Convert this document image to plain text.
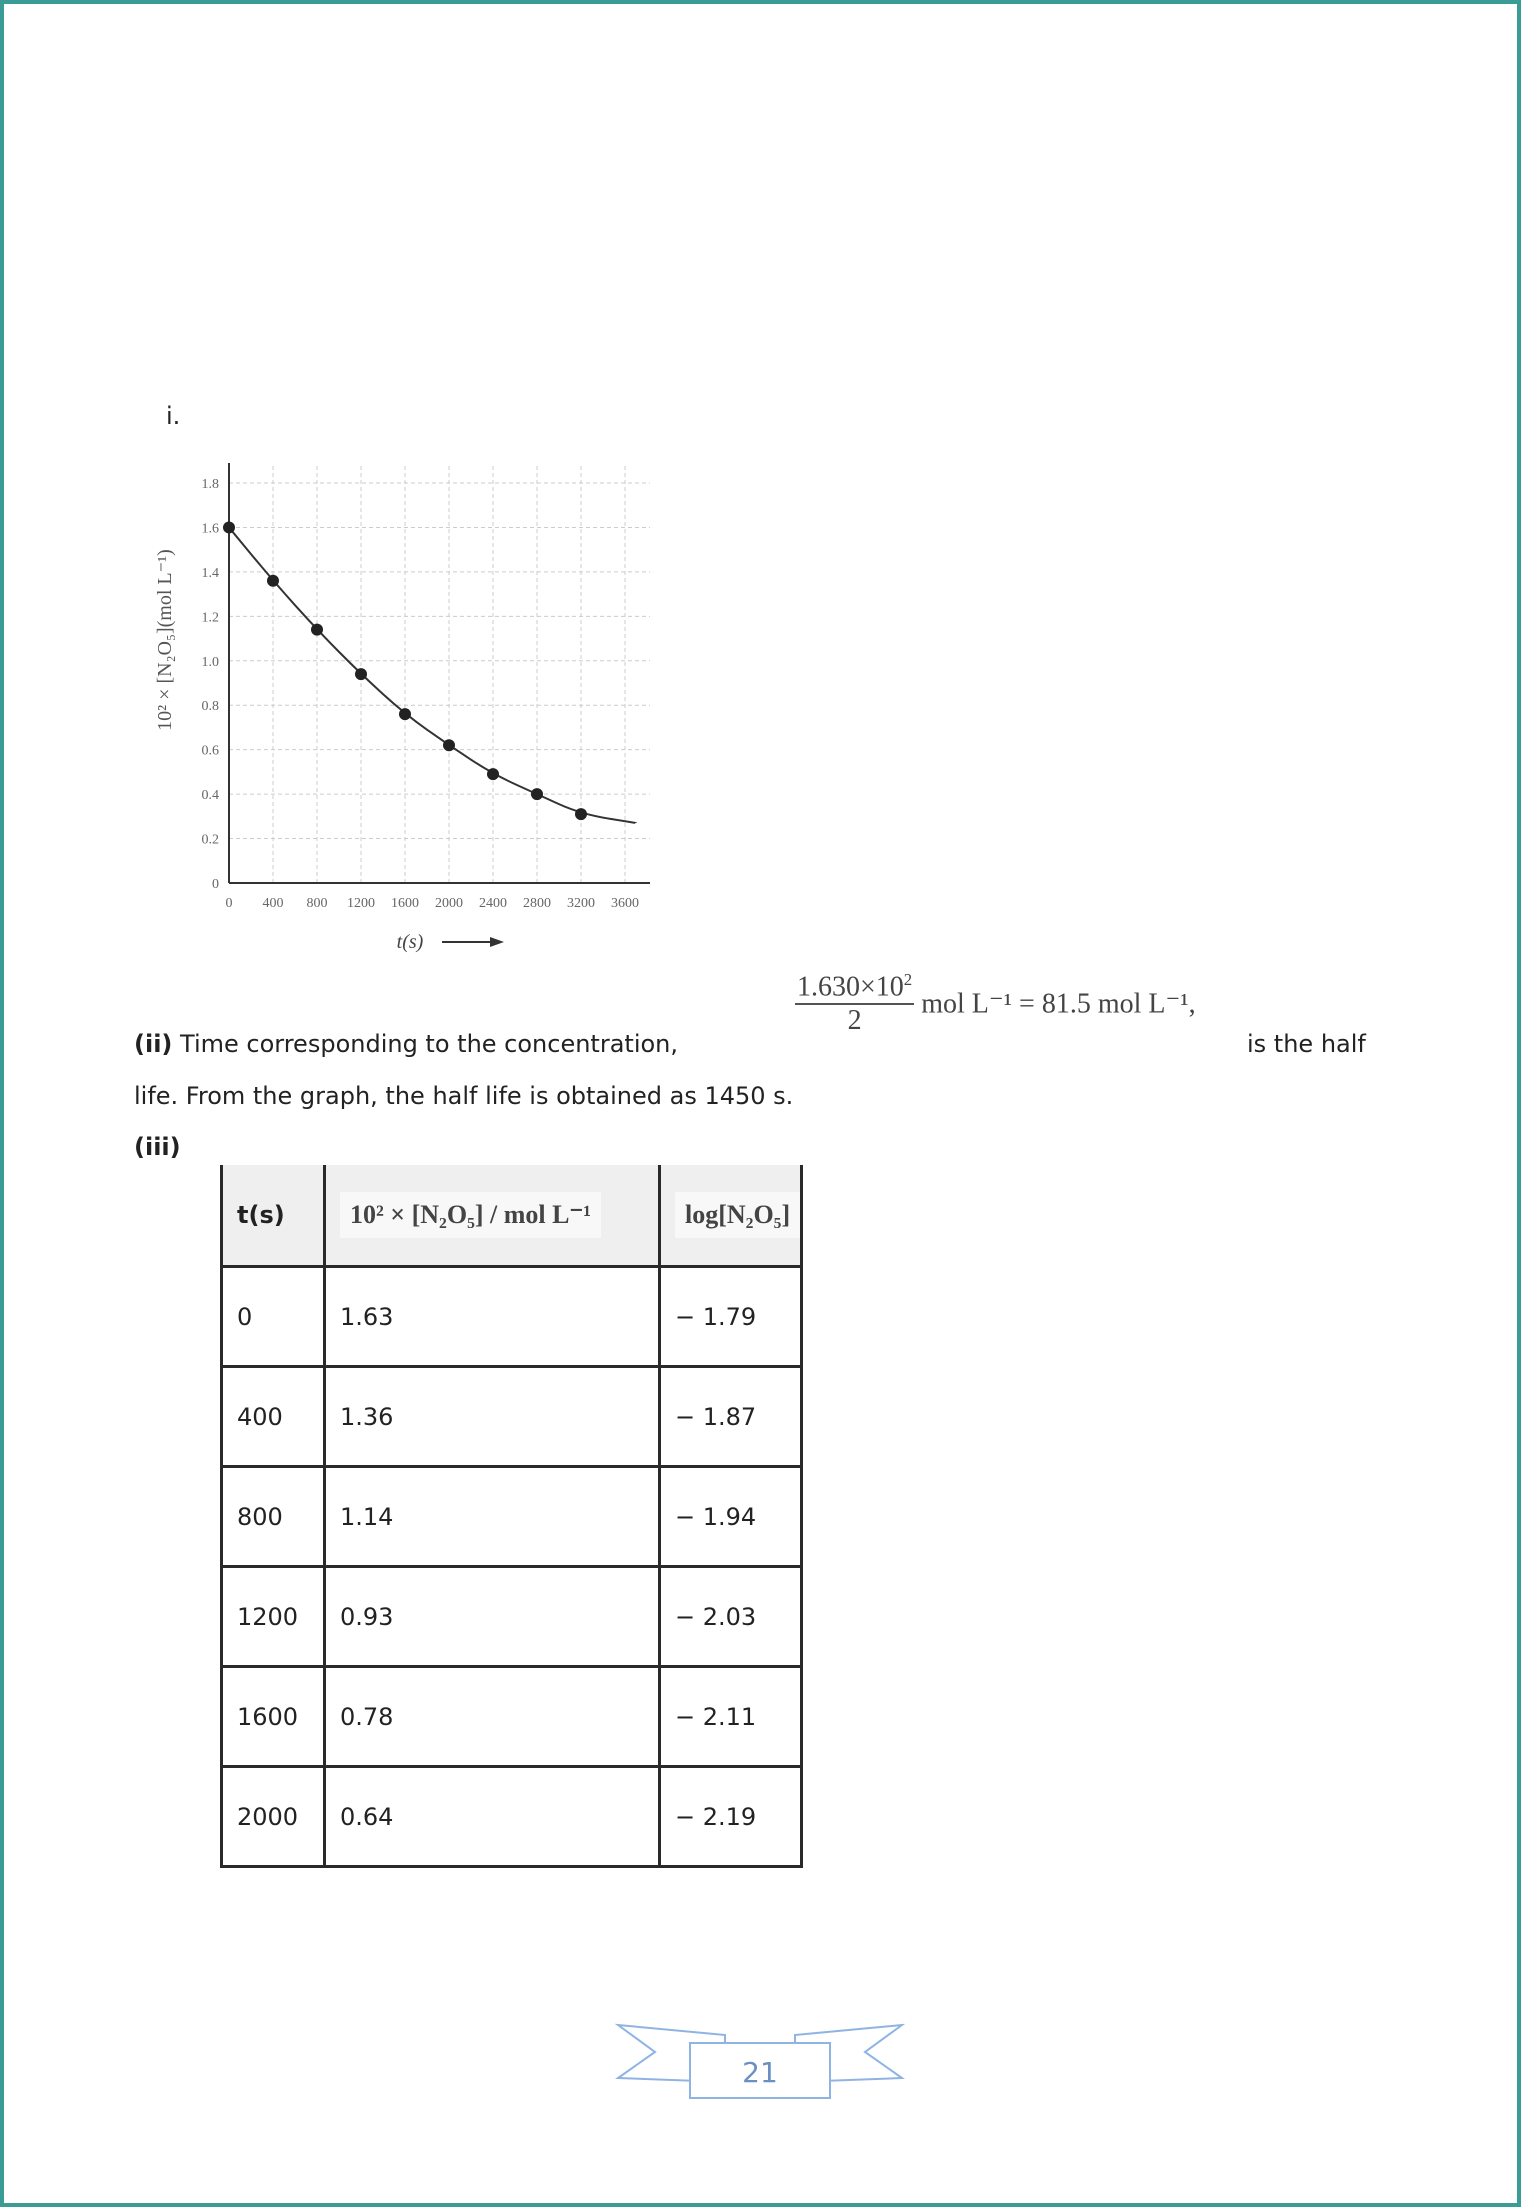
i.
0 400 800 1200 1600 2000 2400 2800 3200 3600
0
0.2
0.4
0.6
0.8
1.0
1.2
1.4
1.6
1.8
10² × [N₂O₅](mol L⁻¹)
t(s)
(ii) Time corresponding to the concentration,
$\frac{1.630\times 10^2}{2}$ mol L⁻¹ = 81.5 mol L⁻¹,
is the half
life. From the graph, the half life is obtained as 1450 s.
(iii)
t(s)	10² × [N₂O₅] / mol L⁻¹	log[N₂O₅]
0	1.63	− 1.79
400	1.36	− 1.87
800	1.14	− 1.94
1200	0.93	− 2.03
1600	0.78	− 2.11
2000	0.64	− 2.19
21
